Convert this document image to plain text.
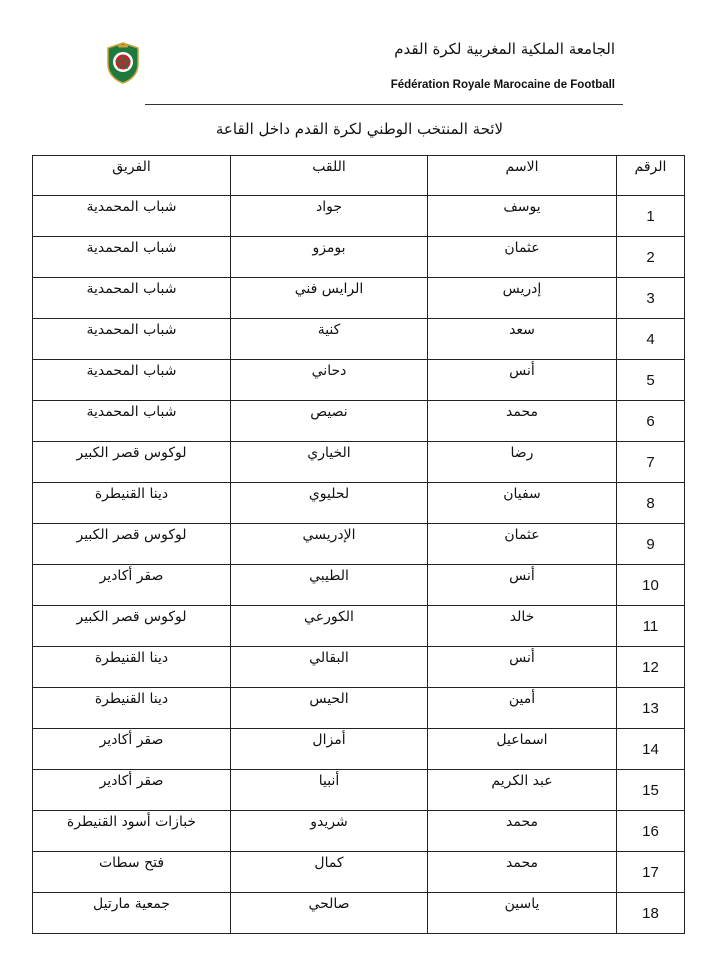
الجامعة الملكية المغربية لكرة القدم
Fédération Royale Marocaine de Football
لائحة المنتخب الوطني لكرة القدم داخل القاعة
الرقم	الاسم	اللقب	الفريق
1	يوسف	جواد	شباب المحمدية
2	عثمان	بومزو	شباب المحمدية
3	إدريس	الرايس فني	شباب المحمدية
4	سعد	كنية	شباب المحمدية
5	أنس	دحاني	شباب المحمدية
6	محمد	نصيص	شباب المحمدية
7	رضا	الخياري	لوكوس قصر الكبير
8	سفيان	لحليوي	دينا القنيطرة
9	عثمان	الإدريسي	لوكوس قصر الكبير
10	أنس	الطيبي	صقر أكادير
11	خالد	الكورعي	لوكوس قصر الكبير
12	أنس	البقالي	دينا القنيطرة
13	أمين	الحيس	دينا القنيطرة
14	اسماعيل	أمزال	صقر أكادير
15	عبد الكريم	أنبيا	صقر أكادير
16	محمد	شريدو	خبازات أسود القنيطرة
17	محمد	كمال	فتح سطات
18	ياسين	صالحي	جمعية مارتيل
